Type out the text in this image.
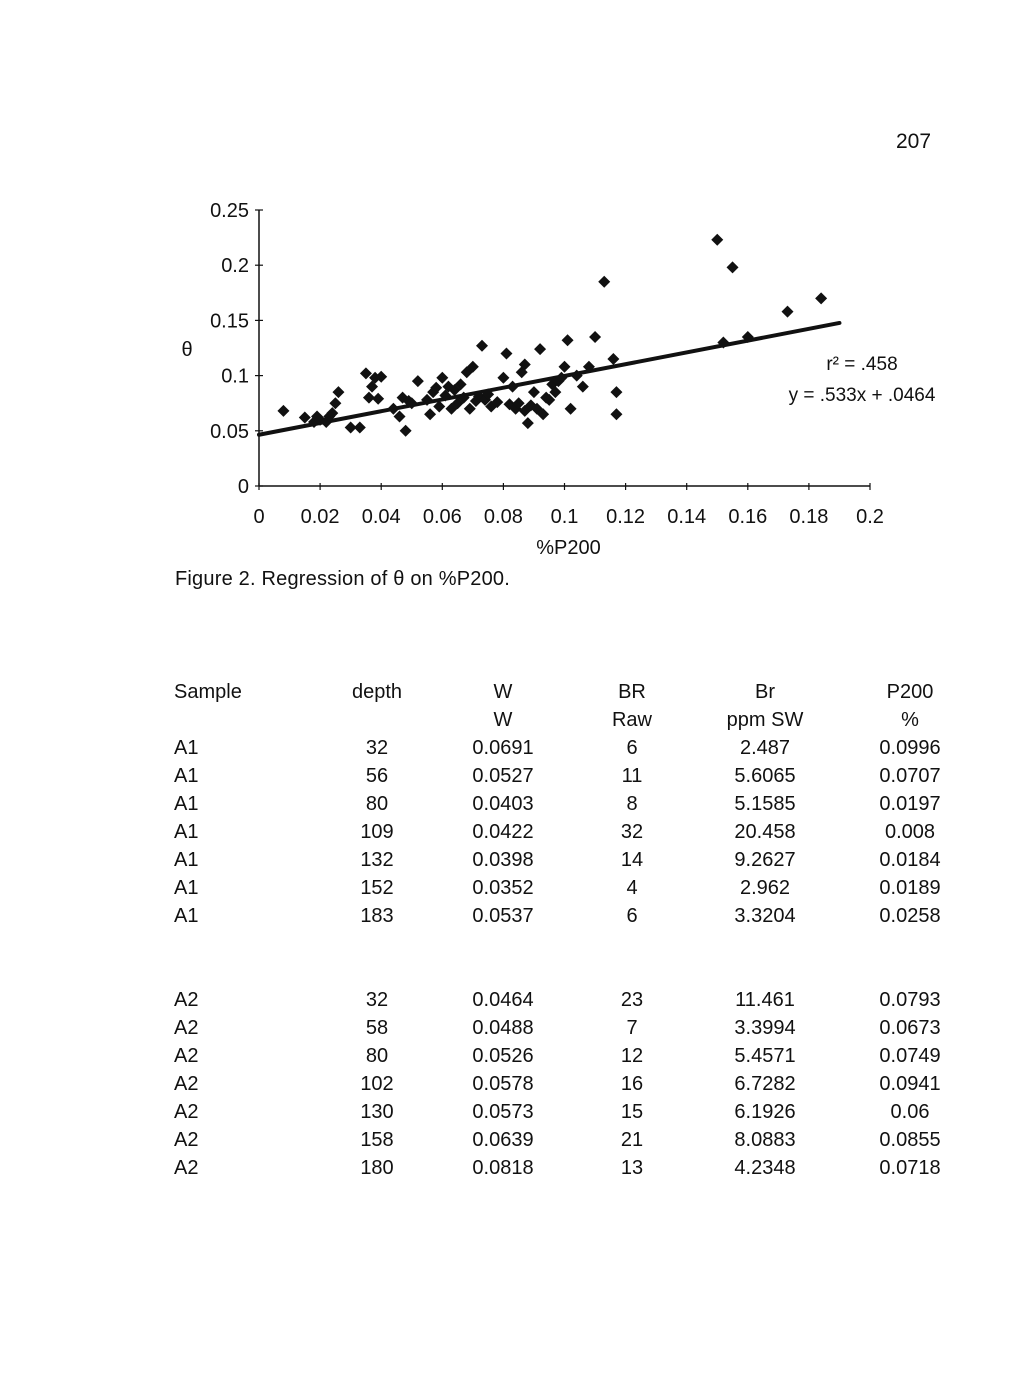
207
0 0.02 0.04 0.06 0.08 0.1 0.12 0.14 0.16 0.18 0.2
0
0.05
0.1
0.15
0.2
0.25
%P200
θ
r² = .458
y = .533x + .0464
Figure 2. Regression of θ on %P200.
Sample	depth	W	BR	Br	P200
		W	Raw	ppm SW	%
A1	32	0.0691	6	2.487	0.0996
A1	56	0.0527	11	5.6065	0.0707
A1	80	0.0403	8	5.1585	0.0197
A1	109	0.0422	32	20.458	0.008
A1	132	0.0398	14	9.2627	0.0184
A1	152	0.0352	4	2.962	0.0189
A1	183	0.0537	6	3.3204	0.0258

A2	32	0.0464	23	11.461	0.0793
A2	58	0.0488	7	3.3994	0.0673
A2	80	0.0526	12	5.4571	0.0749
A2	102	0.0578	16	6.7282	0.0941
A2	130	0.0573	15	6.1926	0.06
A2	158	0.0639	21	8.0883	0.0855
A2	180	0.0818	13	4.2348	0.0718
